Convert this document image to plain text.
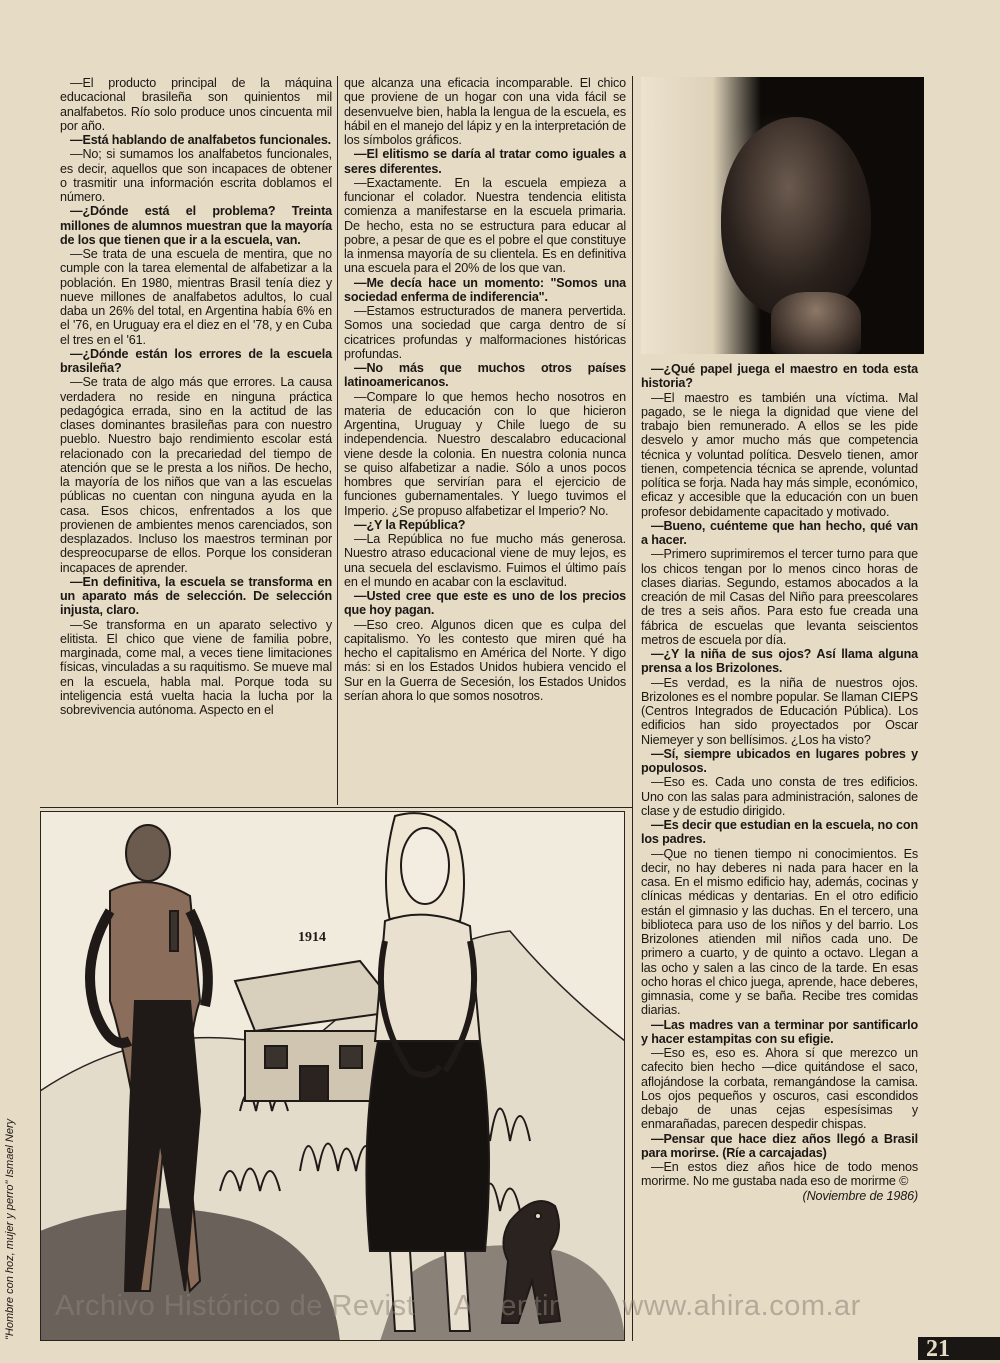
—El producto principal de la máquina educacional brasileña son quinientos mil analfabetos. Río solo produce unos cincuenta mil por año.

—Está hablando de analfabetos funcionales.

—No; si sumamos los analfabetos funcionales, es decir, aquellos que son incapaces de obtener o trasmitir una información escrita doblamos el número.

—¿Dónde está el problema? Treinta millones de alumnos muestran que la mayoría de los que tienen que ir a la escuela, van.

—Se trata de una escuela de mentira, que no cumple con la tarea elemental de alfabetizar a la población. En 1980, mientras Brasil tenía diez y nueve millones de analfabetos adultos, lo cual daba un 26% del total, en Argentina había 6% en el '76, en Uruguay era el diez en el '78, y en Cuba el tres en el '61.

—¿Dónde están los errores de la escuela brasileña?

—Se trata de algo más que errores. La causa verdadera no reside en ninguna práctica pedagógica errada, sino en la actitud de las clases dominantes brasileñas para con nuestro pueblo. Nuestro bajo rendimiento escolar está relacionado con la precariedad del tiempo de atención que se le presta a los niños. De hecho, la mayoría de los niños que van a las escuelas públicas no cuentan con ninguna ayuda en la casa. Esos chicos, enfrentados a los que provienen de ambientes menos carenciados, son desplazados. Incluso los maestros terminan por despreocuparse de ellos. Porque los consideran incapaces de aprender.

—En definitiva, la escuela se transforma en un aparato más de selección. De selección injusta, claro.

—Se transforma en un aparato selectivo y elitista. El chico que viene de familia pobre, marginada, come mal, a veces tiene limitaciones físicas, vinculadas a su raquitismo. Se mueve mal en la escuela, habla mal. Porque toda su inteligencia está vuelta hacia la lucha por la sobrevivencia autónoma. Aspecto en el

que alcanza una eficacia incomparable. El chico que proviene de un hogar con una vida fácil se desenvuelve bien, habla la lengua de la escuela, es hábil en el manejo del lápiz y en la interpretación de los símbolos gráficos.

—El elitismo se daría al tratar como iguales a seres diferentes.

—Exactamente. En la escuela empieza a funcionar el colador. Nuestra tendencia elitista comienza a manifestarse en la escuela primaria. De hecho, esta no se estructura para educar al pobre, a pesar de que es el pobre el que constituye la inmensa mayoría de su clientela. Es en definitiva una escuela para el 20% de los que van.

—Me decía hace un momento: "Somos una sociedad enferma de indiferencia".

—Estamos estructurados de manera pervertida. Somos una sociedad que carga dentro de sí cicatrices profundas y malformaciones históricas profundas.

—No más que muchos otros países latinoamericanos.

—Compare lo que hemos hecho nosotros en materia de educación con lo que hicieron Argentina, Uruguay y Chile luego de su independencia. Nuestro descalabro educacional viene desde la colonia. En nuestra colonia nunca se quiso alfabetizar a nadie. Sólo a unos pocos hombres que servirían para el ejercicio de funciones gubernamentales. Y luego tuvimos el Imperio. ¿Se propuso alfabetizar el Imperio? No.

—¿Y la República?

—La República no fue mucho más generosa. Nuestro atraso educacional viene de muy lejos, es una secuela del esclavismo. Fuimos el último país en el mundo en acabar con la esclavitud.

—Usted cree que este es uno de los precios que hoy pagan.

—Eso creo. Algunos dicen que es culpa del capitalismo. Yo les contesto que miren qué ha hecho el capitalismo en América del Norte. Y digo más: si en los Estados Unidos hubiera vencido el Sur en la Guerra de Secesión, los Estados Unidos serían ahora lo que somos nosotros.

—¿Qué papel juega el maestro en toda esta historia?

—El maestro es también una víctima. Mal pagado, se le niega la dignidad que viene del trabajo bien remunerado. A ellos se les pide desvelo y amor mucho más que competencia técnica y voluntad política. Desvelo tienen, amor tienen, competencia técnica se aprende, voluntad política se forja. Nada hay más simple, económico, eficaz y accesible que la educación con un buen profesor debidamente capacitado y motivado.

—Bueno, cuénteme que han hecho, qué van a hacer.

—Primero suprimiremos el tercer turno para que los chicos tengan por lo menos cinco horas de clases diarias. Segundo, estamos abocados a la creación de mil Casas del Niño para preescolares de tres a seis años. Para esto fue creada una fábrica de escuelas que levanta seiscientos metros de escuela por día.

—¿Y la niña de sus ojos? Así llama alguna prensa a los Brizolones.

—Es verdad, es la niña de nuestros ojos. Brizolones es el nombre popular. Se llaman CIEPS (Centros Integrados de Educación Pública). Los edificios han sido proyectados por Oscar Niemeyer y son bellísimos. ¿Los ha visto?

—Sí, siempre ubicados en lugares pobres y populosos.

—Eso es. Cada uno consta de tres edificios. Uno con las salas para administración, salones de clase y de estudio dirigido.

—Es decir que estudian en la escuela, no con los padres.

—Que no tienen tiempo ni conocimientos. Es decir, no hay deberes ni nada para hacer en la casa. En el mismo edificio hay, además, cocinas y clínicas médicas y dentarias. En el otro edificio están el gimnasio y las duchas. En el tercero, una biblioteca para uso de los niños y del barrio. Los Brizolones atienden mil niños cada uno. De primero a cuarto, y de quinto a octavo. Llegan a las ocho y salen a las cinco de la tarde. En esas ocho horas el chico juega, aprende, hace deberes, gimnasia, come y se baña. Recibe tres comidas diarias.

—Las madres van a terminar por santificarlo y hacer estampitas con su efigie.

—Eso es, eso es. Ahora sí que merezco un cafecito bien hecho —dice quitándose el saco, aflojándose la corbata, remangándose la camisa. Los ojos pequeños y oscuros, casi escondidos debajo de unas cejas espesísimas y enmarañadas, parecen despedir chispas.

—Pensar que hace diez años llegó a Brasil para morirse. (Ríe a carcajadas)

—En estos diez años hice de todo menos morirme. No me gustaba nada eso de morirme ©

(Noviembre de 1986)

1914
"Hombre con hoz, mujer y perro" Ismael Nery Archivo Histórico de Revistas Argentinas | www.ahira.com.ar
21
